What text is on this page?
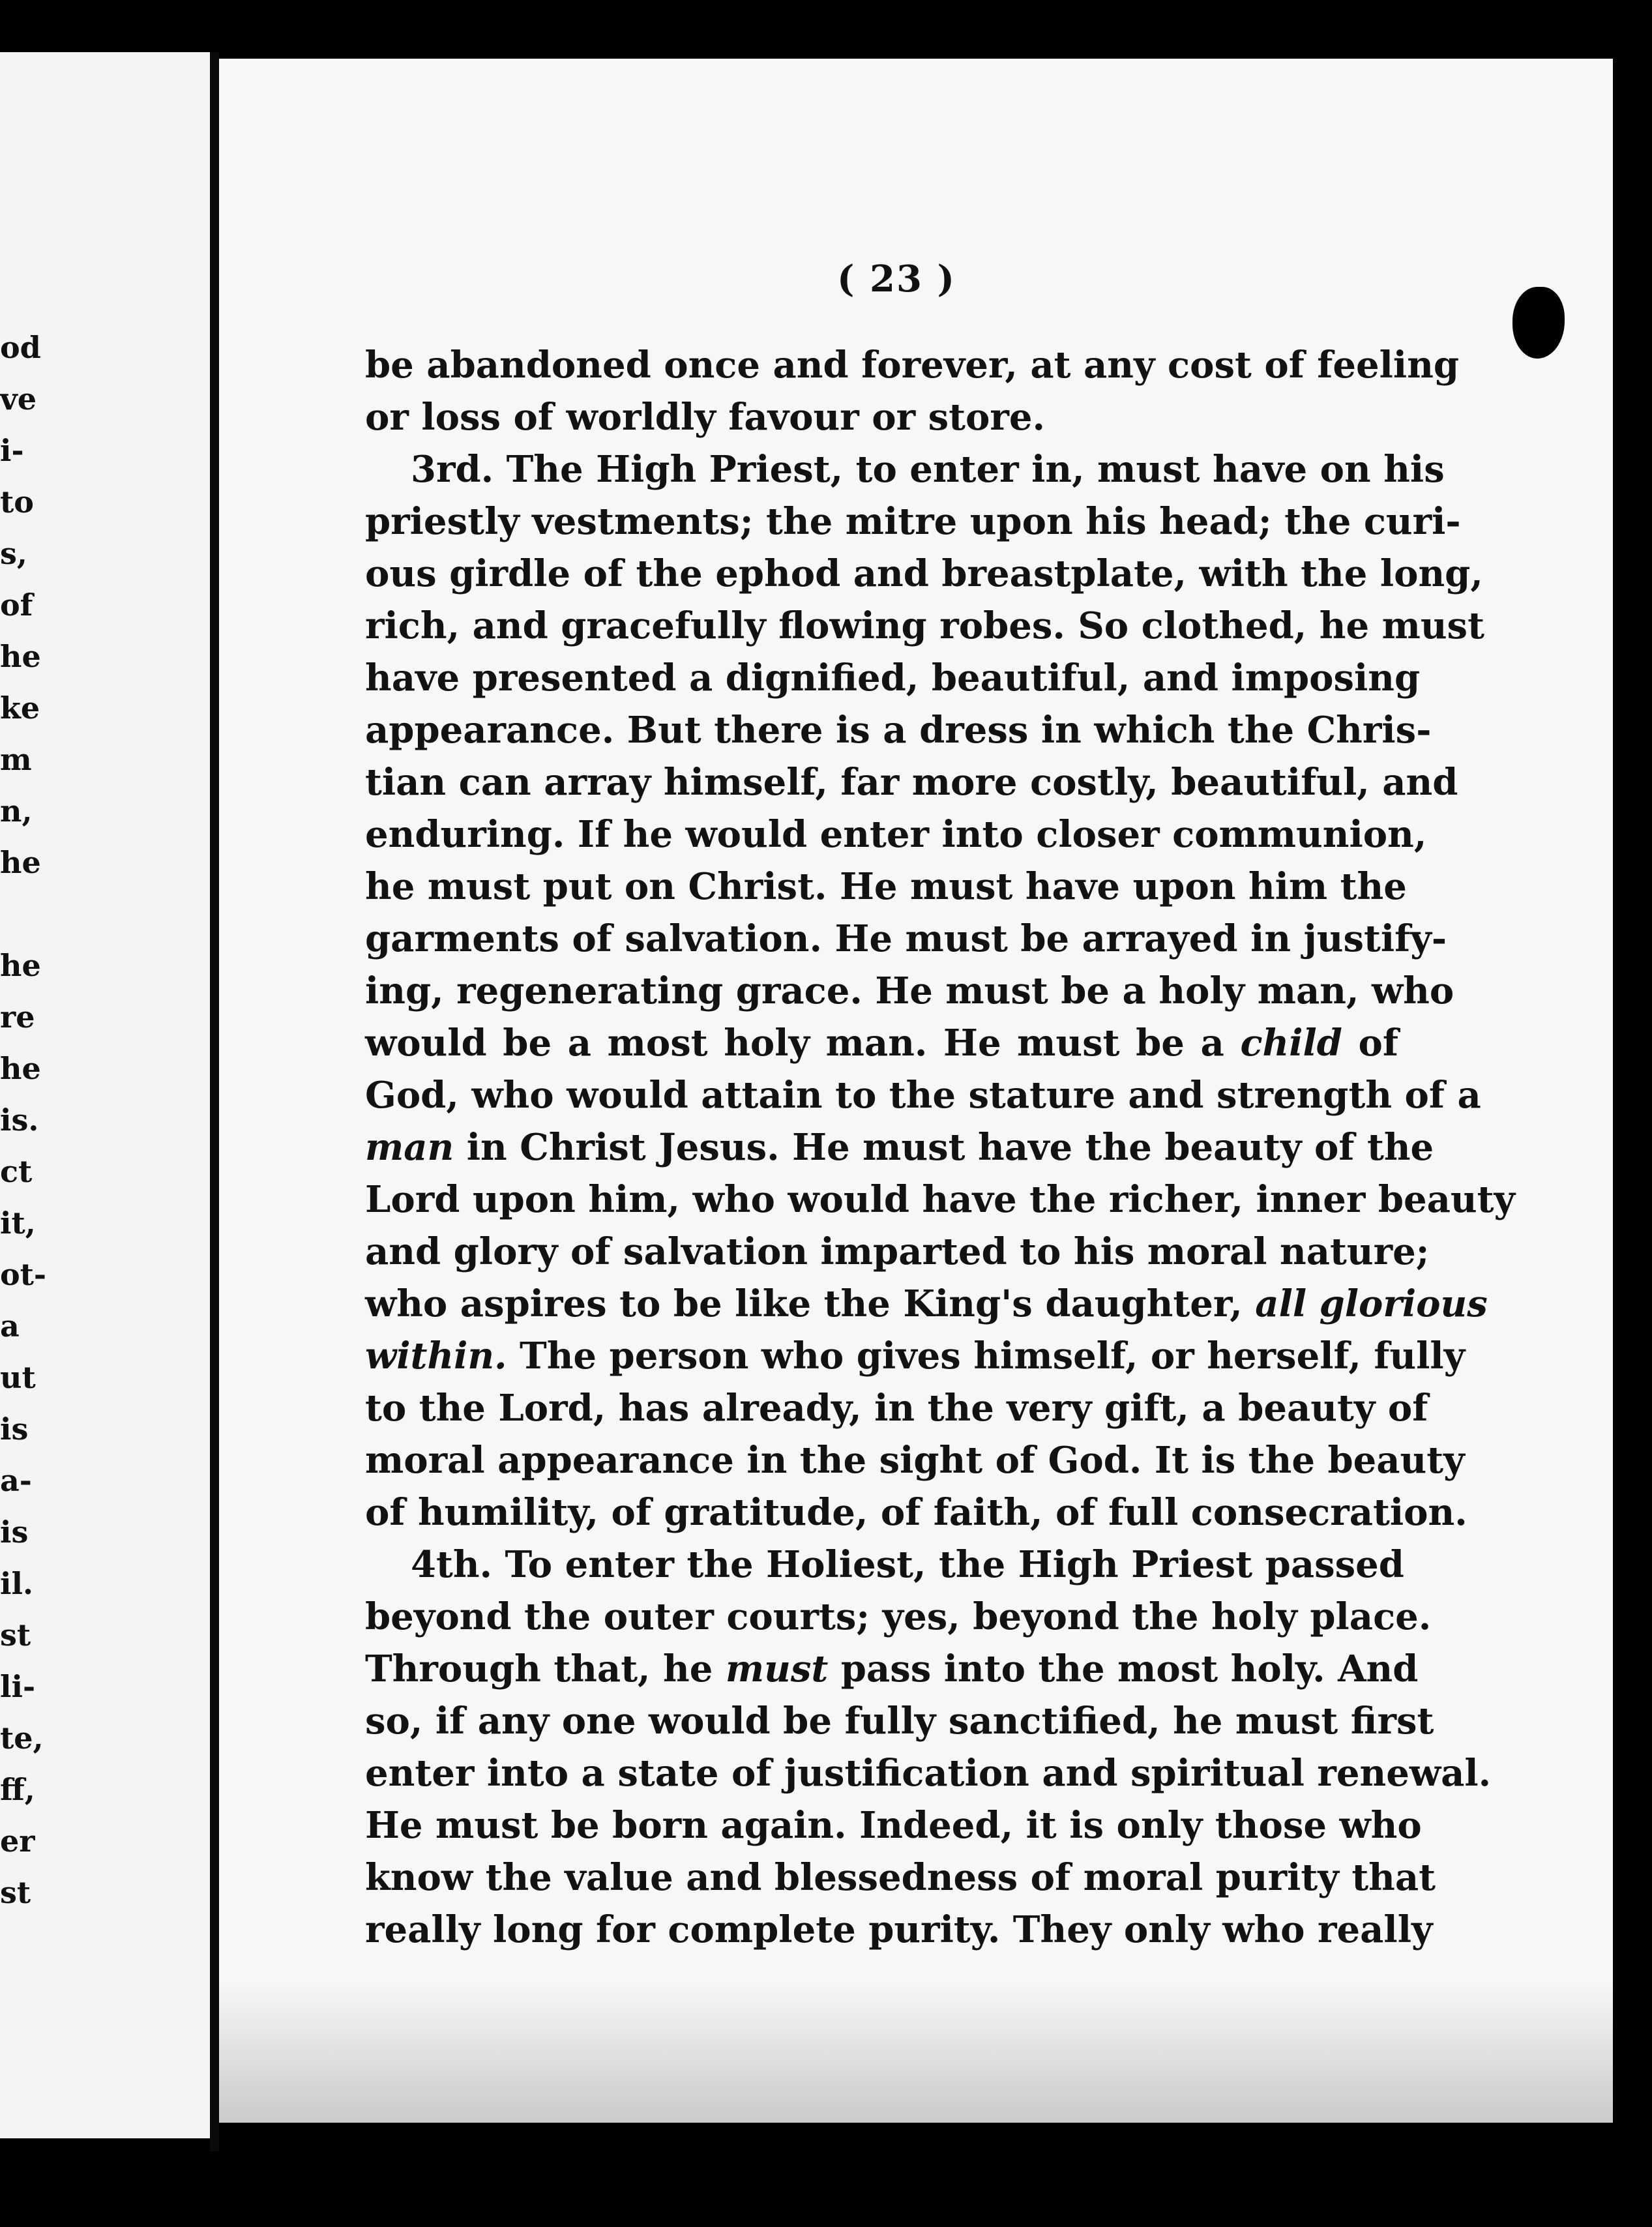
od
ve
i-
to
s,
of
he
ke
m
n,
he
he
re
he
is.
ct
it,
ot-
a
ut
is
a-
is
il.
st
li-
te,
ff,
er
st
( 23 )
be abandoned once and forever, at any cost of feeling
or loss of worldly favour or store.
3rd. The High Priest, to enter in, must have on his
priestly vestments; the mitre upon his head; the curi-
ous girdle of the ephod and breastplate, with the long,
rich, and gracefully flowing robes. So clothed, he must
have presented a dignified, beautiful, and imposing
appearance. But there is a dress in which the Chris-
tian can array himself, far more costly, beautiful, and
enduring. If he would enter into closer communion,
he must put on Christ. He must have upon him the
garments of salvation. He must be arrayed in justify-
ing, regenerating grace. He must be a holy man, who
would be a most holy man. He must be a child of
God, who would attain to the stature and strength of a
man in Christ Jesus. He must have the beauty of the
Lord upon him, who would have the richer, inner beauty
and glory of salvation imparted to his moral nature;
who aspires to be like the King's daughter, all glorious
within. The person who gives himself, or herself, fully
to the Lord, has already, in the very gift, a beauty of
moral appearance in the sight of God. It is the beauty
of humility, of gratitude, of faith, of full consecration.
4th. To enter the Holiest, the High Priest passed
beyond the outer courts; yes, beyond the holy place.
Through that, he must pass into the most holy. And
so, if any one would be fully sanctified, he must first
enter into a state of justification and spiritual renewal.
He must be born again. Indeed, it is only those who
know the value and blessedness of moral purity that
really long for complete purity. They only who really
